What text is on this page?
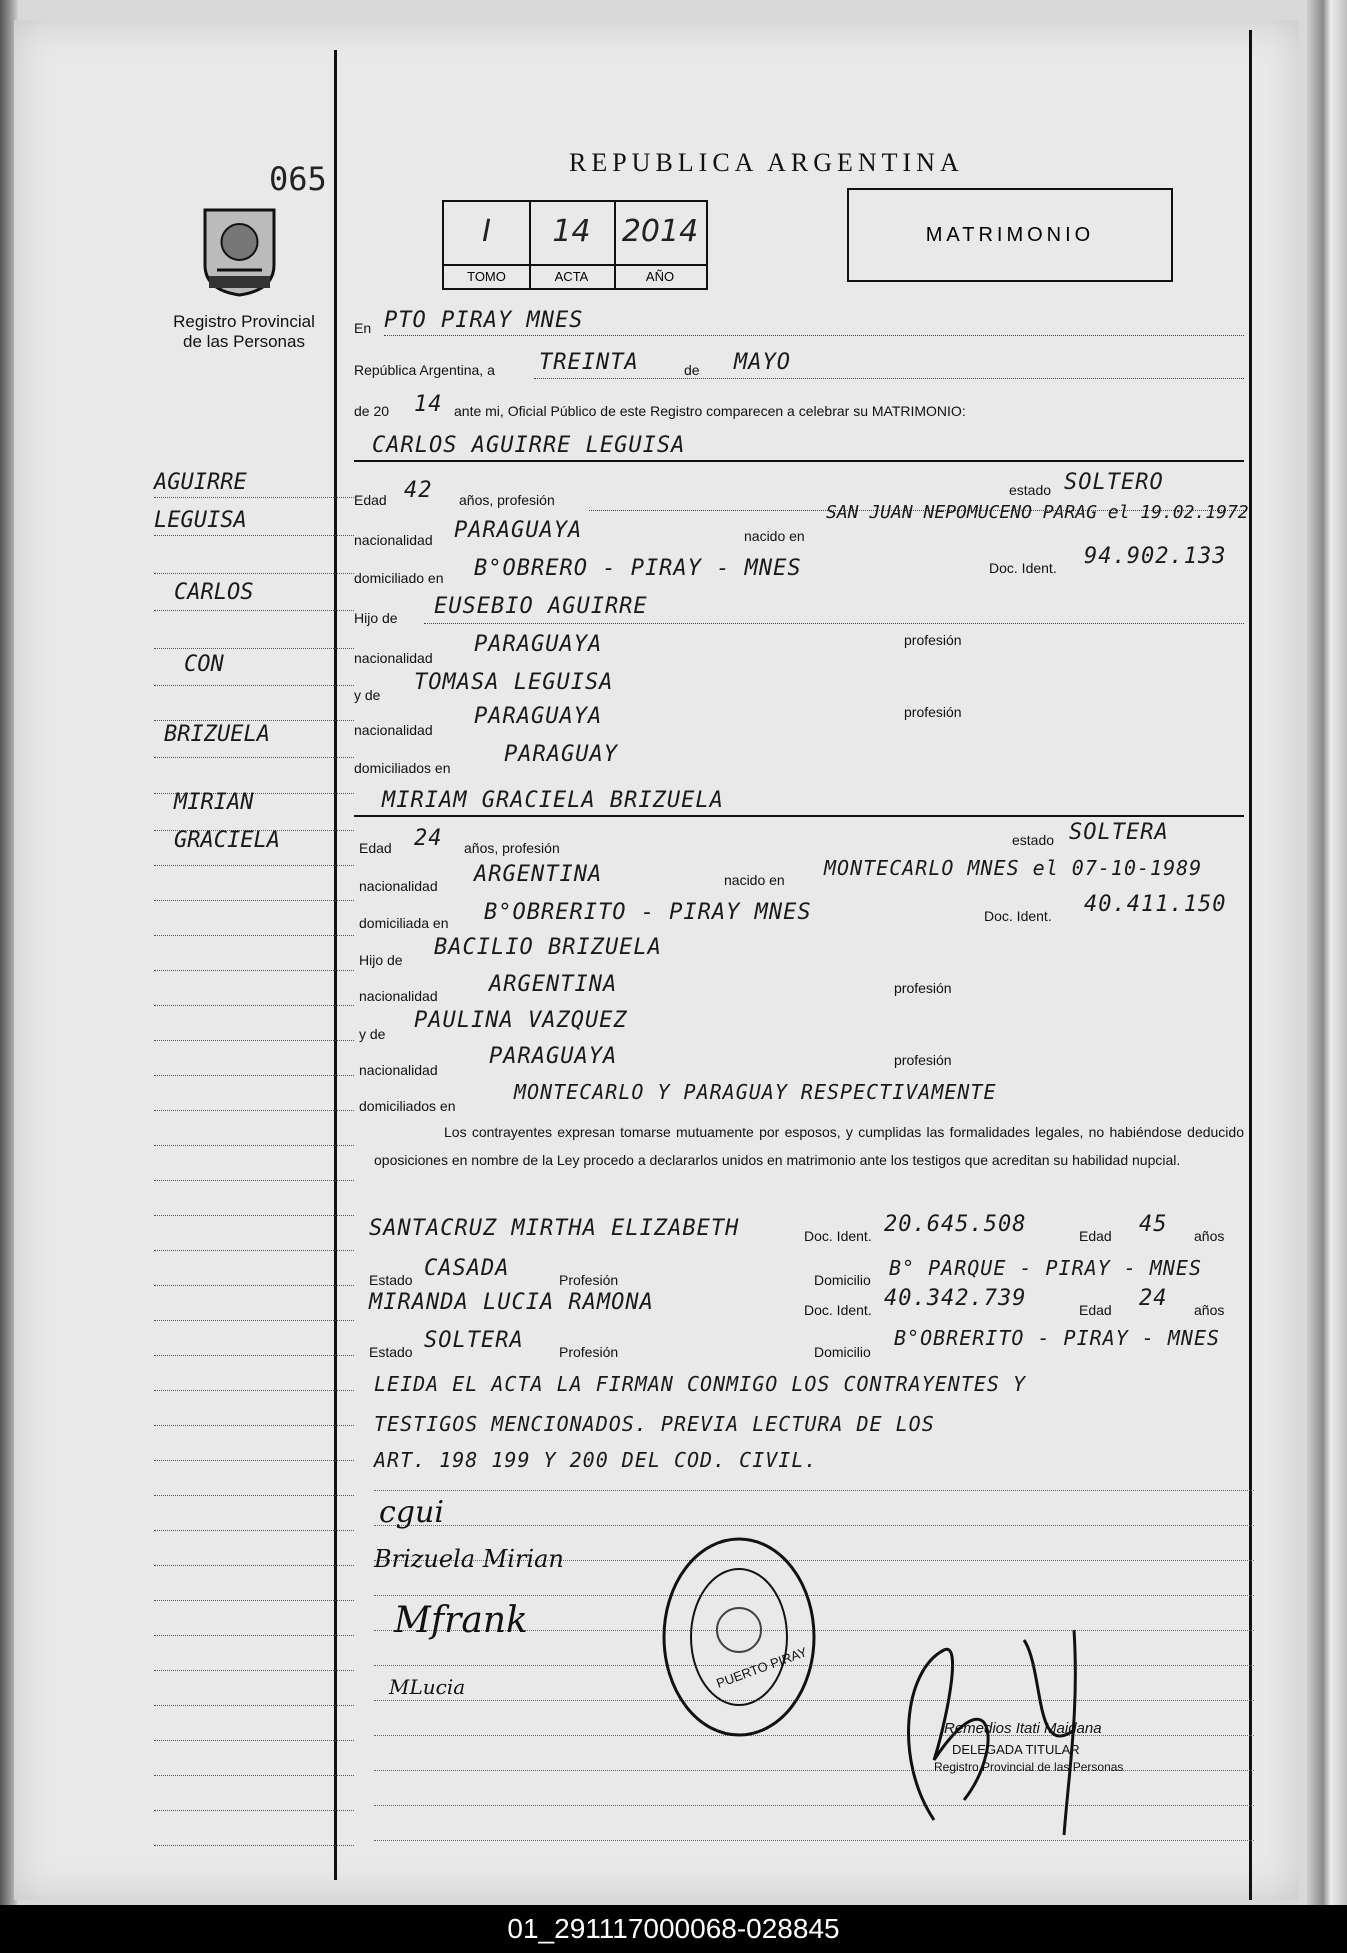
065
Registro Provincial
de las Personas
REPUBLICA ARGENTINA
I
TOMO
14
ACTA
2014
AÑO
MATRIMONIO
En PTO PIRAY MNES
República Argentina, a TREINTA	de MAYO
de 20 14 ante mi, Oficial Público de este Registro comparecen a celebrar su MATRIMONIO:
CARLOS AGUIRRE LEGUISA
Edad 42 años, profesión
estado SOLTERO
nacionalidad PARAGUAYA	nacido en
SAN JUAN NEPOMUCENO PARAG el 19.02.1972
domiciliado en B°OBRERO - PIRAY - MNES	Doc. Ident. 94.902.133
Hijo de EUSEBIO AGUIRRE
nacionalidad
PARAGUAYA	profesión
y de TOMASA LEGUISA
nacionalidad
PARAGUAYA	profesión
domiciliados en
PARAGUAY
MIRIAM GRACIELA BRIZUELA
Edad 24 años, profesión	estado SOLTERA
nacionalidad ARGENTINA	nacido en MONTECARLO MNES el 07-10-1989
domiciliada en B°OBRERITO - PIRAY MNES	Doc. Ident. 40.411.150
Hijo de BACILIO BRIZUELA
nacionalidad ARGENTINA	profesión
y de
PAULINA VAZQUEZ
nacionalidad
PARAGUAYA	profesión
domiciliados en
MONTECARLO Y PARAGUAY RESPECTIVAMENTE
Los contrayentes expresan tomarse mutuamente por esposos, y cumplidas las formalidades legales, no habiéndose deducido oposiciones en nombre de la Ley procedo a declararlos unidos en matrimonio ante los testigos que acreditan su habilidad nupcial.
SANTACRUZ MIRTHA ELIZABETH	Doc. Ident. 20.645.508	Edad 45 años
Estado CASADA	Profesión	Domicilio B° PARQUE - PIRAY - MNES
MIRANDA LUCIA RAMONA	Doc. Ident. 40.342.739	Edad 24 años
Estado SOLTERA	Profesión	Domicilio
B°OBRERITO - PIRAY - MNES
LEIDA EL ACTA LA FIRMAN CONMIGO LOS CONTRAYENTES Y
TESTIGOS MENCIONADOS. PREVIA LECTURA DE LOS
ART. 198 199 Y 200 DEL COD. CIVIL.
cgui
Brizuela Mirian
Mfrank
MLucia	PUERTO PIRAY
Remedios Itati Maidana
DELEGADA TITULAR
Registro Provincial de las Personas
AGUIRRE
LEGUISA
CARLOS
CON
BRIZUELA
MIRIAN
GRACIELA
01_291117000068-028845
